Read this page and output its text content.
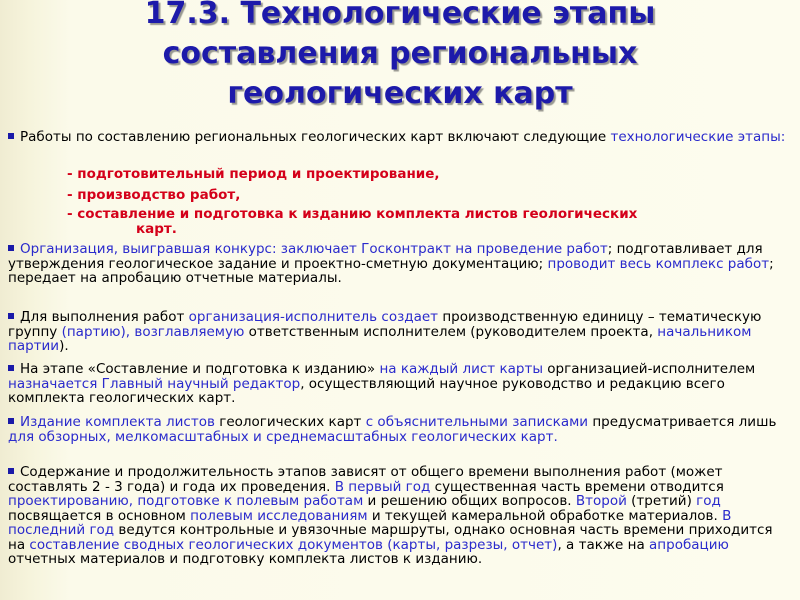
17.3. Технологические этапы
составления региональных
геологических карт

Работы по составлению региональных геологических карт включают следующие технологические этапы:

- подготовительный период и проектирование,

- производство работ,

- составление и подготовка к изданию комплекта листов геологических
карт.

Организация, выигравшая конкурс: заключает Госконтракт на проведение работ; подготавливает для утверждения геологическое задание и проектно-сметную документацию; проводит весь комплекс работ; передает на апробацию отчетные материалы.

Для выполнения работ организация-исполнитель создает производственную единицу – тематическую группу (партию), возглавляемую ответственным исполнителем (руководителем проекта, начальником партии).

На этапе «Составление и подготовка к изданию» на каждый лист карты организацией-исполнителем назначается Главный научный редактор, осуществляющий научное руководство и редакцию всего комплекта геологических карт.

Издание комплекта листов геологических карт с объяснительными записками предусматривается лишь для обзорных, мелкомасштабных и среднемасштабных геологических карт.

Содержание и продолжительность этапов зависят от общего времени выполнения работ (может составлять 2 - 3 года) и года их проведения. В первый год существенная часть времени отводится проектированию, подготовке к полевым работам и решению общих вопросов. Второй (третий) год посвящается в основном полевым исследованиям и текущей камеральной обработке материалов. В последний год ведутся контрольные и увязочные маршруты, однако основная часть времени приходится на составление сводных геологических документов (карты, разрезы, отчет), а также на апробацию отчетных материалов и подготовку комплекта листов к изданию.
